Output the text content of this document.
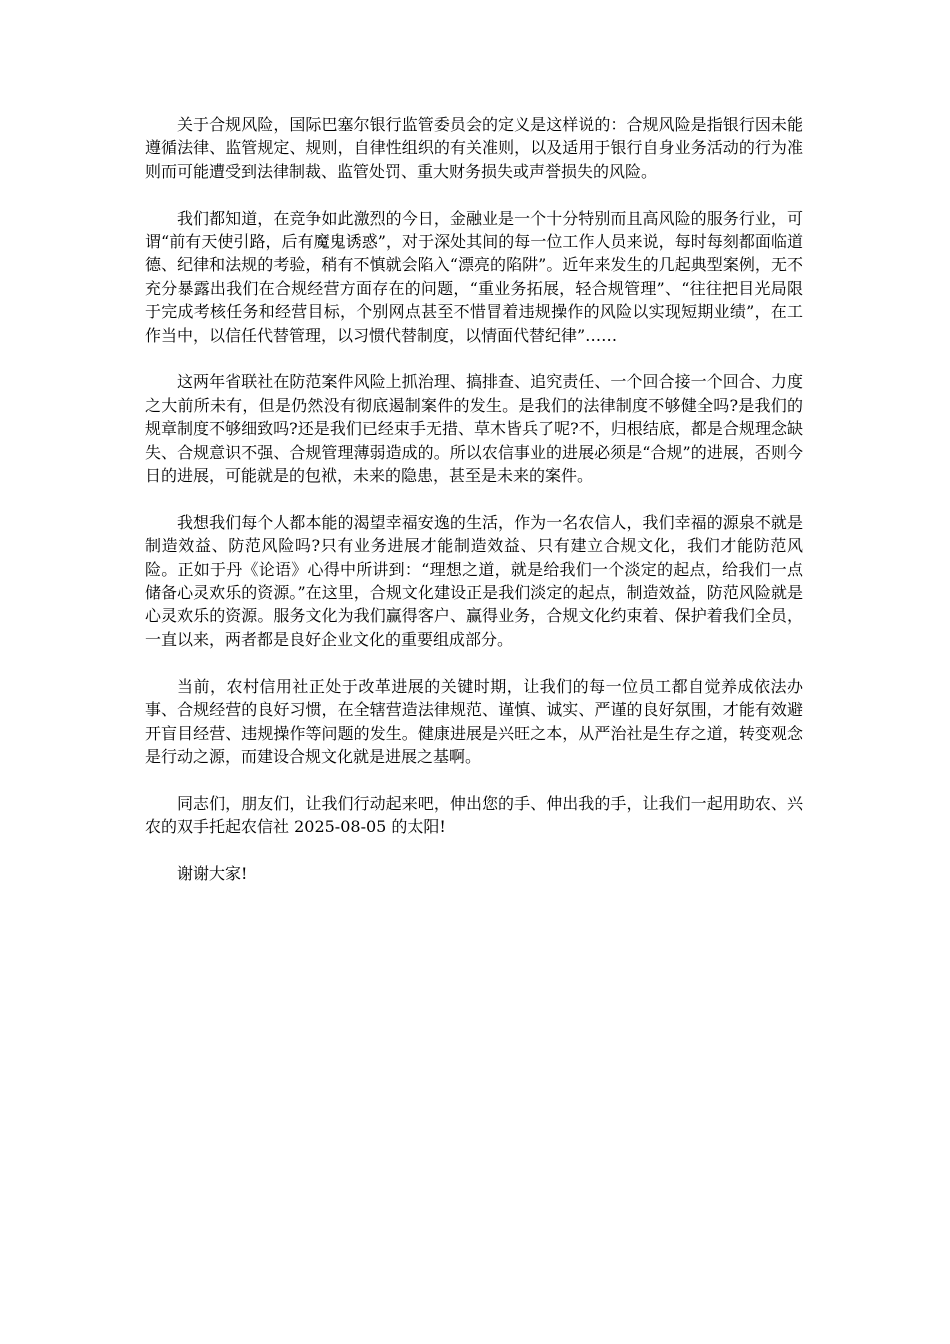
关于合规风险，国际巴塞尔银行监管委员会的定义是这样说的：合规风险是指银行因未能遵循法律、监管规定、规则，自律性组织的有关准则，以及适用于银行自身业务活动的行为准则而可能遭受到法律制裁、监管处罚、重大财务损失或声誉损失的风险。

我们都知道，在竞争如此激烈的今日，金融业是一个十分特别而且高风险的服务行业，可谓“前有天使引路，后有魔鬼诱惑”，对于深处其间的每一位工作人员来说，每时每刻都面临道德、纪律和法规的考验，稍有不慎就会陷入“漂亮的陷阱”。近年来发生的几起典型案例，无不充分暴露出我们在合规经营方面存在的问题，“重业务拓展，轻合规管理”、“往往把目光局限于完成考核任务和经营目标，个别网点甚至不惜冒着违规操作的风险以实现短期业绩”，在工作当中，以信任代替管理，以习惯代替制度，以情面代替纪律”……

这两年省联社在防范案件风险上抓治理、搞排查、追究责任、一个回合接一个回合、力度之大前所未有，但是仍然没有彻底遏制案件的发生。是我们的法律制度不够健全吗?是我们的规章制度不够细致吗?还是我们已经束手无措、草木皆兵了呢?不，归根结底，都是合规理念缺失、合规意识不强、合规管理薄弱造成的。所以农信事业的进展必须是“合规”的进展，否则今日的进展，可能就是的包袱，未来的隐患，甚至是未来的案件。

我想我们每个人都本能的渴望幸福安逸的生活，作为一名农信人，我们幸福的源泉不就是制造效益、防范风险吗?只有业务进展才能制造效益、只有建立合规文化，我们才能防范风险。正如于丹《论语》心得中所讲到：“理想之道，就是给我们一个淡定的起点，给我们一点储备心灵欢乐的资源。”在这里，合规文化建设正是我们淡定的起点，制造效益，防范风险就是心灵欢乐的资源。服务文化为我们赢得客户、赢得业务，合规文化约束着、保护着我们全员，一直以来，两者都是良好企业文化的重要组成部分。

当前，农村信用社正处于改革进展的关键时期，让我们的每一位员工都自觉养成依法办事、合规经营的良好习惯，在全辖营造法律规范、谨慎、诚实、严谨的良好氛围，才能有效避开盲目经营、违规操作等问题的发生。健康进展是兴旺之本，从严治社是生存之道，转变观念是行动之源，而建设合规文化就是进展之基啊。

同志们，朋友们，让我们行动起来吧，伸出您的手、伸出我的手，让我们一起用助农、兴农的双手托起农信社 2025-08-05 的太阳!

谢谢大家!
